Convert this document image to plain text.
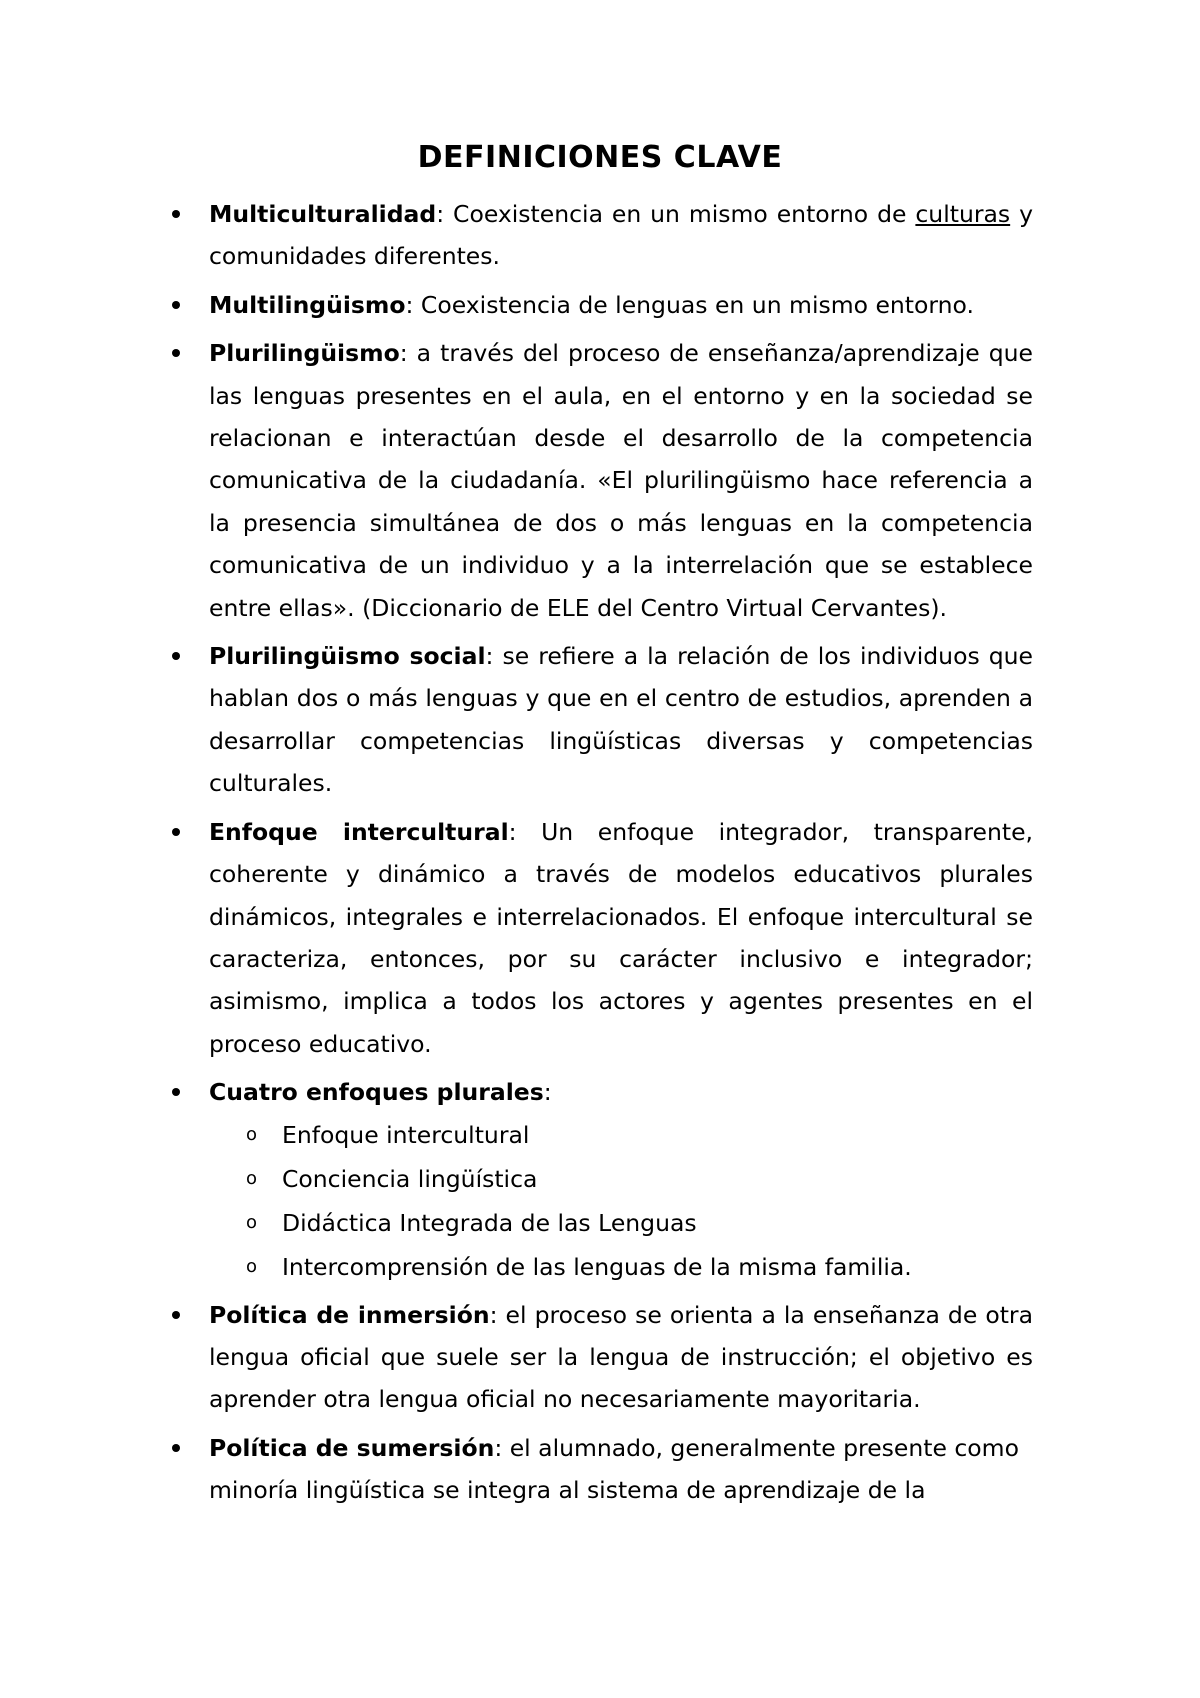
DEFINICIONES CLAVE
Multiculturalidad: Coexistencia en un mismo entorno de culturas y comunidades diferentes.
Multilingüismo: Coexistencia de lenguas en un mismo entorno.
Plurilingüismo: a través del proceso de enseñanza/aprendizaje que las lenguas presentes en el aula, en el entorno y en la sociedad se relacionan e interactúan desde el desarrollo de la competencia comunicativa de la ciudadanía. «El plurilingüismo hace referencia a la presencia simultánea de dos o más lenguas en la competencia comunicativa de un individuo y a la interrelación que se establece entre ellas». (Diccionario de ELE del Centro Virtual Cervantes).
Plurilingüismo social: se refiere a la relación de los individuos que hablan dos o más lenguas y que en el centro de estudios, aprenden a desarrollar competencias lingüísticas diversas y competencias culturales.
Enfoque intercultural: Un enfoque integrador, transparente, coherente y dinámico a través de modelos educativos plurales dinámicos, integrales e interrelacionados. El enfoque intercultural se caracteriza, entonces, por su carácter inclusivo e integrador; asimismo, implica a todos los actores y agentes presentes en el proceso educativo.
Cuatro enfoques plurales:
o Enfoque intercultural
o Conciencia lingüística
o Didáctica Integrada de las Lenguas
o Intercomprensión de las lenguas de la misma familia.
Política de inmersión: el proceso se orienta a la enseñanza de otra lengua oficial que suele ser la lengua de instrucción; el objetivo es aprender otra lengua oficial no necesariamente mayoritaria.
Política de sumersión: el alumnado, generalmente presente como minoría lingüística se integra al sistema de aprendizaje de la
